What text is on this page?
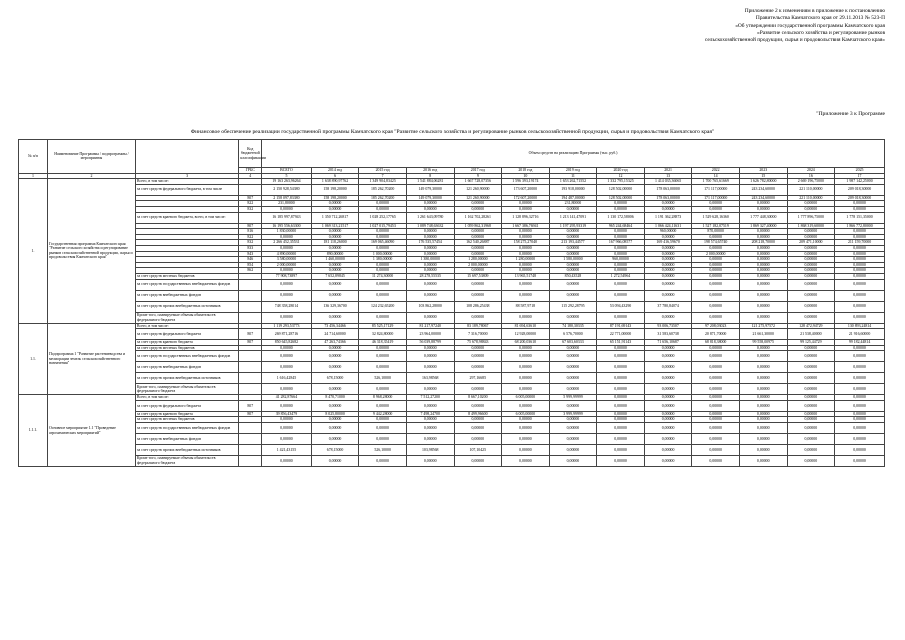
Приложение 2 к изменениям в приложение к постановлению
Правительства Камчатского края от 29.11.2013 № 523-П
«Об утверждении государственной программы Камчатского края
«Развитие сельского хозяйства и регулирование рынков
сельскохозяйственной продукции, сырья и продовольствия Камчатского края»
"Приложение 3 к Программе
Финансовое обеспечение реализации государственной программы Камчатского края "Развитие сельского хозяйства и регулирование рынков сельскохозяйственной продукции, сырья и продовольствия Камчатского края"
№ п/п	Наименование Программы / подпрограммы / мероприятия		Код бюджетной классификации	Объем средств на реализацию Программы (тыс. руб.)												
			ГРБС	ВСЕГО	2014 год	2015 год	2016 год	2017 год	2018 год	2019 год	2020 год	2021	2022	2023	2024	2025
1	2	3	4	5	6	7	8	9	10	11	12	13	14	15	16	17
1.	Государственная программа Камчатского края "Развитие сельского хозяйства и регулирование рынков сельскохозяйственной продукции, сырья и продовольствия Камчатского края"	Всего, в том числе:		19 163 263,96264	1 638 890,97762	1 349 904,83425	1 541 884,06281	1 667 728,07356	1 596 393,19174	1 653 262,71552	1 332 795,15325	1 414 035,36065	1 700 765,61669	1 626 782,80000	2 669 196,75000	1 987 142,25000
		за счет средств федерального бюджета, в том числе		2 150 928,54380	158 198,20000	185 262,70200	149 079,30000	121 260,90000	173 607,20000	193 918,00000	128 502,00000	178 063,00000	171 117,00000	243 234,60000	221 110,00000	209 018,30000
			807	2 158 097,83380	158 198,20000	185 262,70200	149 079,30000	121 260,90000	172 607,20000	194 487,00000	128 502,00000	178 063,00000	171 117,00000	243 234,60000	221 110,00000	209 018,30000
			822	231,80000	0,00000	0,00000	0,00000	0,00000	0,00000	231,80000	0,00000	0,00000	0,00000	0,00000	0,00000	0,00000
			832	0,00000	0,00000	0,00000	0,00000	0,00000	0,00000	0,00000	0,00000	0,00000	0,00000	0,00000	0,00000	0,00000
		за счет средств краевого бюджета, всего, в том числе:		16 185 997,87943	1 350 712,26817	1 028 252,17765	1 261 643,09780	1 162 702,28261	1 128 896,32716	1 213 141,47091	1 130 172,58006	1 191 362,28873	1 529 628,16360	1 777 448,30000	1 777 896,75000	1 778 151,35000
			807	16 195 556,63300	1 069 313,21517	1 027 015,79453	1 089 748,63632	1 059 862,31968	1 667 386,76941	1 197 295,93319	965 244,68464	1 066 424,11631	1 527 182,07519	1 869 327,40000	1 868 319,60000	1 866 772,80000
			816	1 830,00000	0,00000	0,00000	0,00000	0,00000	0,00000	0,00000	0,00000	960,00000	870,00000	0,00000	0,00000	0,00000
			822	0,00000	0,00000	0,00000	0,00000	0,00000	0,00000	0,00000	0,00000	0,00000	0,00000	0,00000	0,00000	0,00000
			832	2 266 452,35531	181 118,26000	169 065,46090	176 535,57454	162 540,26887	158 275,27040	213 193,44577	167 966,08577	169 416,59670	198 574,65740	208 218,70000	209 471,10000	211 159,70000
			833	0,00000	0,00000	0,00000	0,00000	0,00000	0,00000	0,00000	0,00000	0,00000	0,00000	0,00000	0,00000	0,00000
			843	4 890,00000	890,00000	1 000,00000	0,00000	0,00000	0,00000	0,00000	0,00000	0,00000	2 000,00000	0,00000	0,00000	0,00000
			846	3 580,00000	1 460,00000	1 380,00000	1 380,00000	1 280,00000	1 280,00000	1 580,00000	960,00000	0,00000	0,00000	0,00000	0,00000	0,00000
			854	2 000,00000	0,00000	0,00000	0,00000	2 000,00000	0,00000	0,00000	0,00000	0,00000	0,00000	0,00000	0,00000	0,00000
			862	0,00000	0,00000	0,00000	0,00000	0,00000	0,00000	0,00000	0,00000	0,00000	0,00000	0,00000	0,00000	0,00000
		за счет средств местных бюджетов		77 908,73897	7 652,89845	11 274,30000	28 278,55535	15 697,53809	13 965,51748	850,43528	1 272,54964	0,00000	0,00000	0,00000	0,00000	0,00000
		за счет средств государственных внебюджетных фондов		0,00000	0,00000	0,00000	0,00000	0,00000	0,00000	0,00000	0,00000	0,00000	0,00000	0,00000	0,00000	0,00000
		за счет средств внебюджетных фондов		0,00000	0,00000	0,00000	0,00000	0,00000	0,00000	0,00000	0,00000	0,00000	0,00000	0,00000	0,00000	0,00000
		за счет средств прочих внебюджетных источников		748 358,28014	136 329,36700	124 232,65200	103 862,28000	108 286,25438	88 587,9718	115 292,28795	53 094,43290	37 780,84074	0,00000	0,00000	0,00000	0,00000
		Кроме того, планируемые объемы обязательств федерального бюджета		0,00000	0,00000	0,00000	0,00000	0,00000	0,00000	0,00000	0,00000	0,00000	0,00000	0,00000	0,00000	0,00000
1.1.	Подпрограмма 1 "Развитие растениеводства и мелиорации земель сельскохозяйственного назначения"	Всего, в том числе:		1 119 293,53773	73 456,34466	85 525,17129	81 217,97240	83 189,78067	81 694,63610	74 180,30335	87 191,69143	93 006,73507	97 208,03023	121 275,97572	128 472,94729	130 893,24814
		за счет средств федерального бюджета	807	269 871,28716	24 714,60000	32 824,80000	23 964,00000	7 316,70000	12 928,00000	6 576,70000	22 771,00000	31 583,60738	20 871,70000	21 661,30000	21 538,40000	21 916,60000
		за счет средств краевого бюджета	807	850 645,82682	47 263,74366	46 318,35419	56 039,88799	75 678,98843	68 200,03610	67 603,60333	65 151,91143	71 656,10687	68 818,38000	99 558,00975	99 125,44729	99 182,44814
		за счет средств местных бюджетов		0,00000	0,00000	0,00000	0,00000	0,00000	0,00000	0,00000	0,00000	0,00000	0,00000	0,00000	0,00000	0,00000
		за счет средств государственных внебюджетных фондов		0,00000	0,00000	0,00000	0,00000	0,00000	0,00000	0,00000	0,00000	0,00000	0,00000	0,00000	0,00000	0,00000
		за счет средств внебюджетных фондов		0,00000	0,00000	0,00000	0,00000	0,00000	0,00000	0,00000	0,00000	0,00000	0,00000	0,00000	0,00000	0,00000
		за счет средств прочих внебюджетных источников		1 616,42845	678,15000	526,10000	163,98568	297,16685	0,00000	0,00000	0,00000	0,00000	0,00000	0,00000	0,00000	0,00000
		Кроме того, планируемые объемы обязательств федерального бюджета		0,00000	0,00000	0,00000	0,00000	0,00000	0,00000	0,00000	0,00000	0,00000	0,00000	0,00000	0,00000	0,00000
1.1.1.	Основное мероприятие 1.1 "Проведение агрохимических мероприятий"	Всего, в том числе:		41 282,87664	8 470,71000	8 968,28000	7 512,27200	8 667,10200	6 005,00000	5 999,99999	0,00000	0,00000	0,00000	0,00000	0,00000	0,00000
		за счет средств федерального бюджета	807	0,00000	0,00000	0,00000	0,00000	0,00000	0,00000	0,00000	0,00000	0,00000	0,00000	0,00000	0,00000	0,00000
		за счет средств краевого бюджета	807	39 856,43479	8 025,80000	9 442,28000	7 498,24700	8 499,96600	6 005,00000	3 999,99999	0,00000	0,00000	0,00000	0,00000	0,00000	0,00000
		за счет средств местных бюджетов		0,00000	0,00000	0,00000	0,00000	0,00000	0,00000	0,00000	0,00000	0,00000	0,00000	0,00000	0,00000	0,00000
		за счет средств государственных внебюджетных фондов		0,00000	0,00000	0,00000	0,00000	0,00000	0,00000	0,00000	0,00000	0,00000	0,00000	0,00000	0,00000	0,00000
		за счет средств внебюджетных фондов		0,00000	0,00000	0,00000	0,00000	0,00000	0,00000	0,00000	0,00000	0,00000	0,00000	0,00000	0,00000	0,00000
		за счет средств прочих внебюджетных источников		1 421,43155	678,15000	526,10000	103,98568	107,10425	0,00000	0,00000	0,00000	0,00000	0,00000	0,00000	0,00000	0,00000
		Кроме того, планируемые объемы обязательств федерального бюджета		0,00000	0,00000	0,00000	0,00000	0,00000	0,00000	0,00000	0,00000	0,00000	0,00000	0,00000	0,00000	0,00000
